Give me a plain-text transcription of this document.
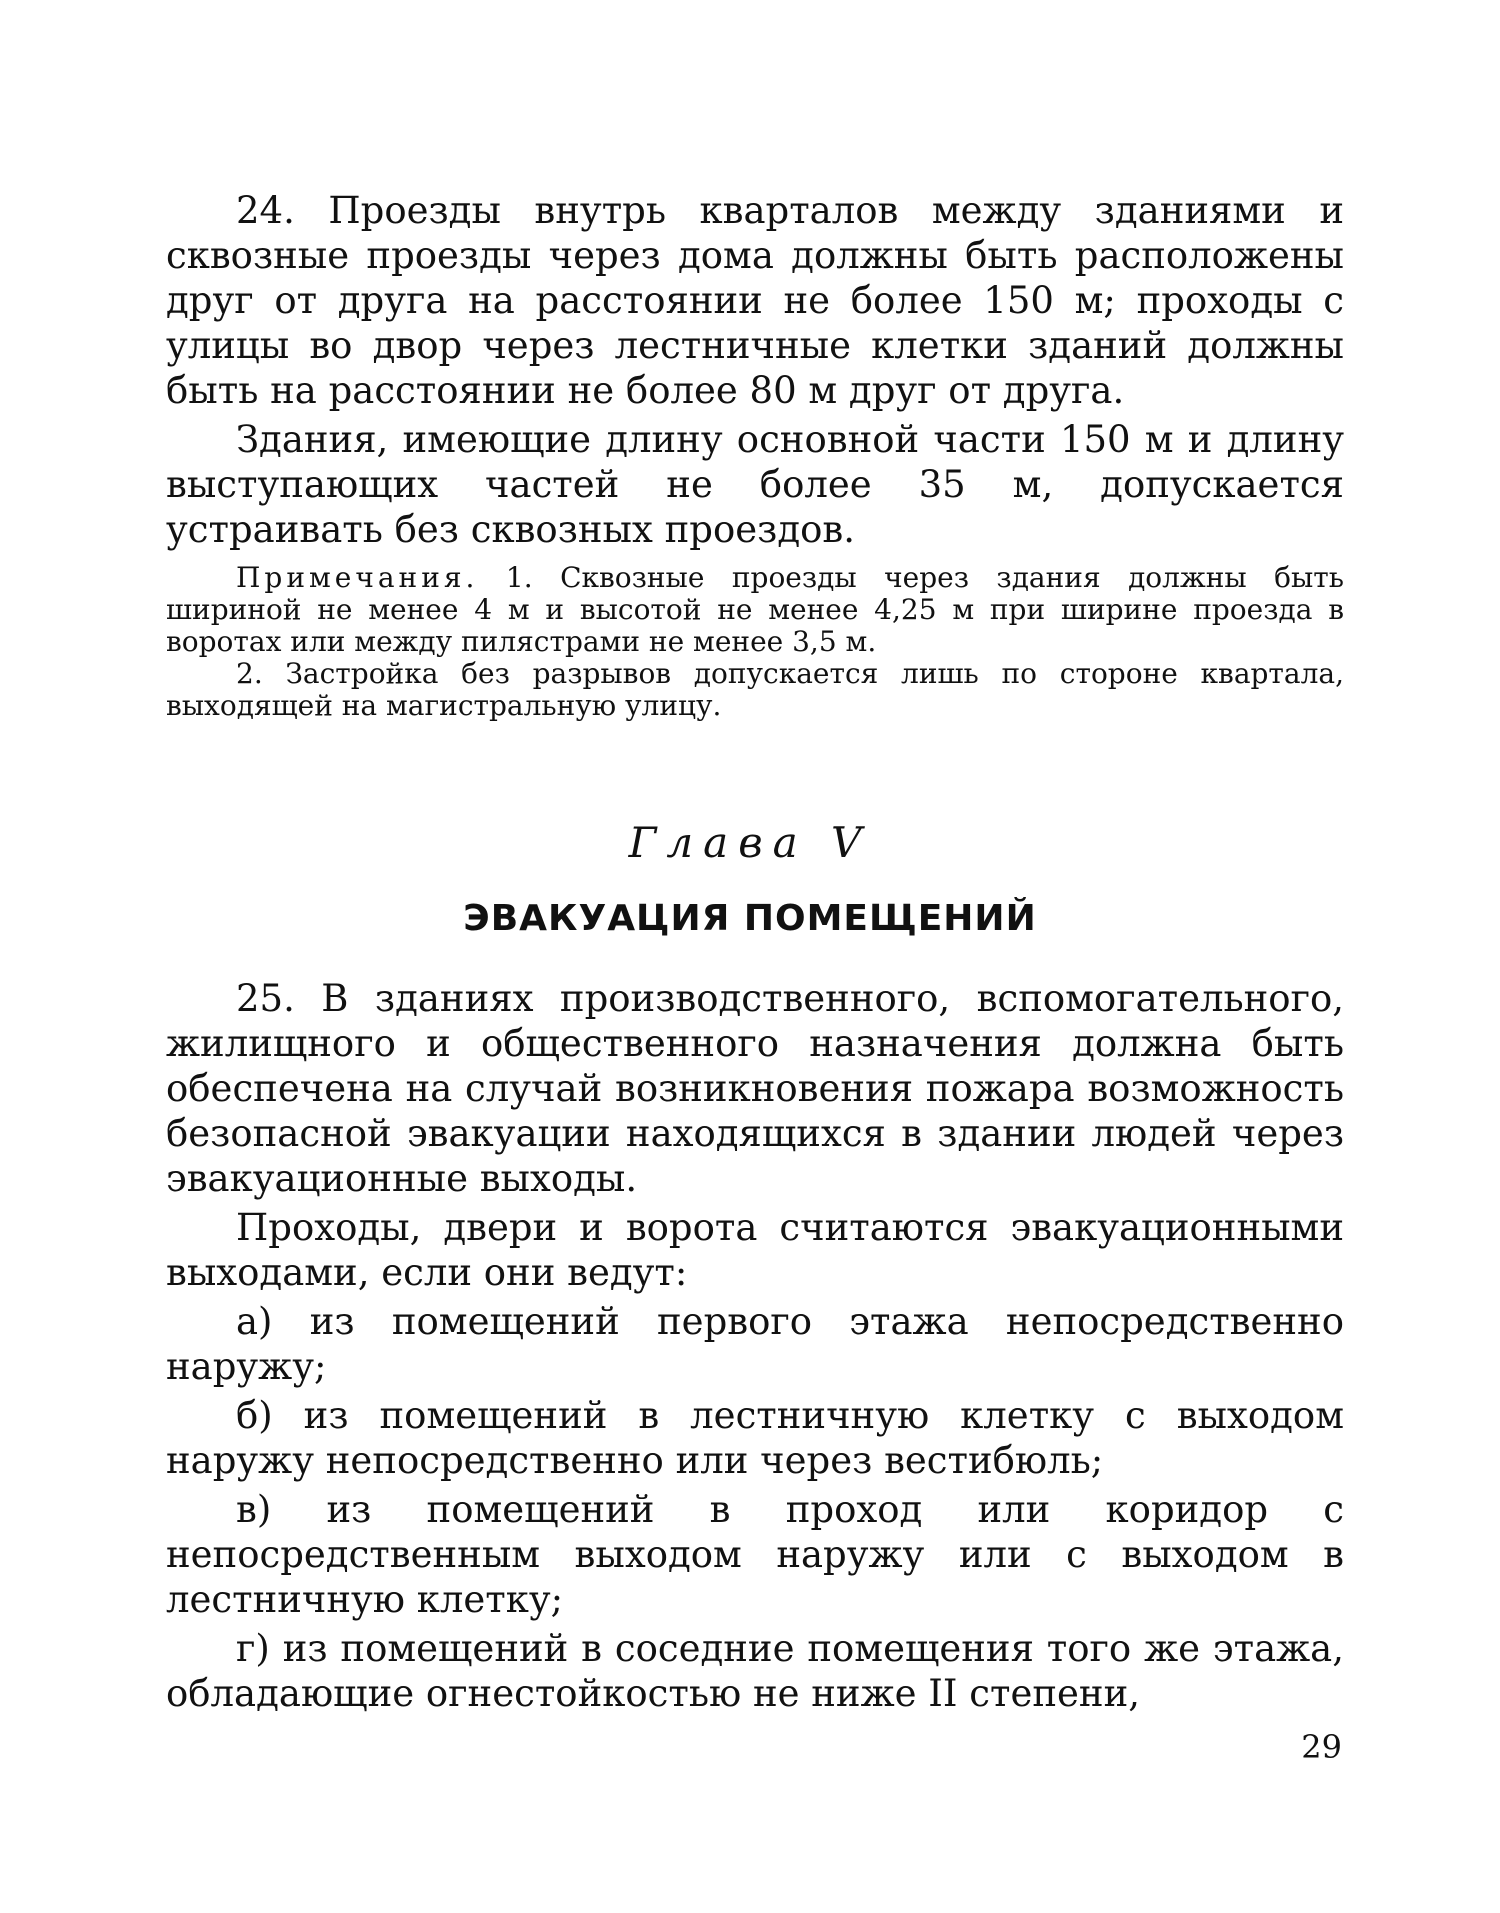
24. Проезды внутрь кварталов между зданиями и сквозные проезды через дома должны быть расположены друг от друга на расстоянии не более 150 м; проходы с улицы во двор через лестничные клетки зданий должны быть на расстоянии не более 80 м друг от друга.

Здания, имеющие длину основной части 150 м и длину выступающих частей не более 35 м, допускается устраивать без сквозных проездов.

Примечания. 1. Сквозные проезды через здания должны быть шириной не менее 4 м и высотой не менее 4,25 м при ширине проезда в воротах или между пилястрами не менее 3,5 м.

2. Застройка без разрывов допускается лишь по стороне квартала, выходящей на магистральную улицу.

Глава V

ЭВАКУАЦИЯ ПОМЕЩЕНИЙ

25. В зданиях производственного, вспомогательного, жилищного и общественного назначения должна быть обеспечена на случай возникновения пожара возможность безопасной эвакуации находящихся в здании людей через эвакуационные выходы.

Проходы, двери и ворота считаются эвакуационными выходами, если они ведут:

а) из помещений первого этажа непосредственно наружу;

б) из помещений в лестничную клетку с выходом наружу непосредственно или через вестибюль;

в) из помещений в проход или коридор с непосредственным выходом наружу или с выходом в лестничную клетку;

г) из помещений в соседние помещения того же этажа, обладающие огнестойкостью не ниже II степени,

29
